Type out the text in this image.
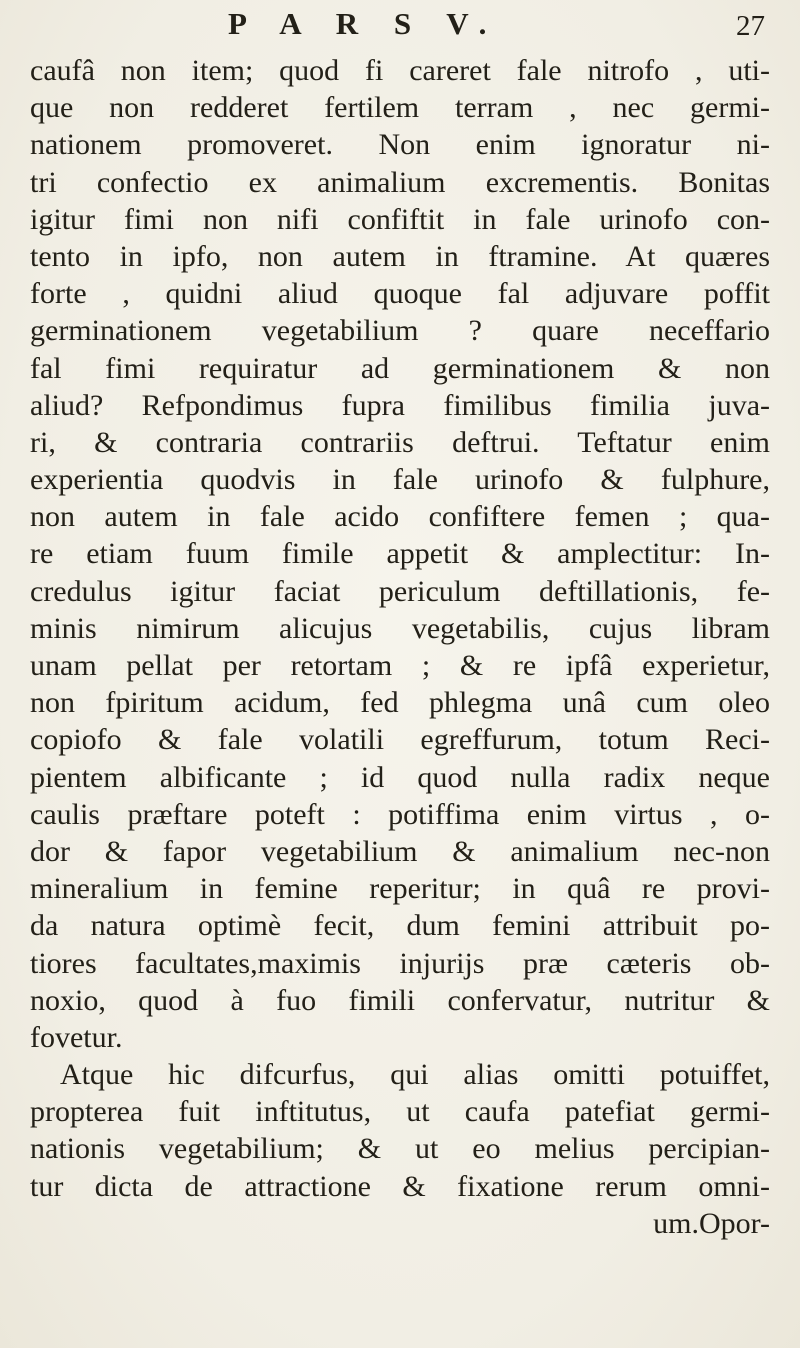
P A R S V.	27
caufâ non item; quod fi careret fale nitrofo , uti-
que non redderet fertilem terram , nec germi-
nationem promoveret. Non enim ignoratur ni-
tri confectio ex animalium excrementis. Bonitas
igitur fimi non nifi confiftit in fale urinofo con-
tento in ipfo, non autem in ftramine. At quæres
forte , quidni aliud quoque fal adjuvare poffit
germinationem vegetabilium ? quare neceffario
fal fimi requiratur ad germinationem & non
aliud? Refpondimus fupra fimilibus fimilia juva-
ri, & contraria contrariis deftrui. Teftatur enim
experientia quodvis in fale urinofo & fulphure,
non autem in fale acido confiftere femen ; qua-
re etiam fuum fimile appetit & amplectitur: In-
credulus igitur faciat periculum deftillationis, fe-
minis nimirum alicujus vegetabilis, cujus libram
unam pellat per retortam ; & re ipfâ experietur,
non fpiritum acidum, fed phlegma unâ cum oleo
copiofo & fale volatili egreffurum, totum Reci-
pientem albificante ; id quod nulla radix neque
caulis præftare poteft : potiffima enim virtus , o-
dor & fapor vegetabilium & animalium nec-non
mineralium in femine reperitur; in quâ re provi-
da natura optimè fecit, dum femini attribuit po-
tiores facultates,maximis injurijs præ cæteris ob-
noxio, quod à fuo fimili confervatur, nutritur &
fovetur.
Atque hic difcurfus, qui alias omitti potuiffet,
propterea fuit inftitutus, ut caufa patefiat germi-
nationis vegetabilium; & ut eo melius percipian-
tur dicta de attractione & fixatione rerum omni-
um.Opor-
